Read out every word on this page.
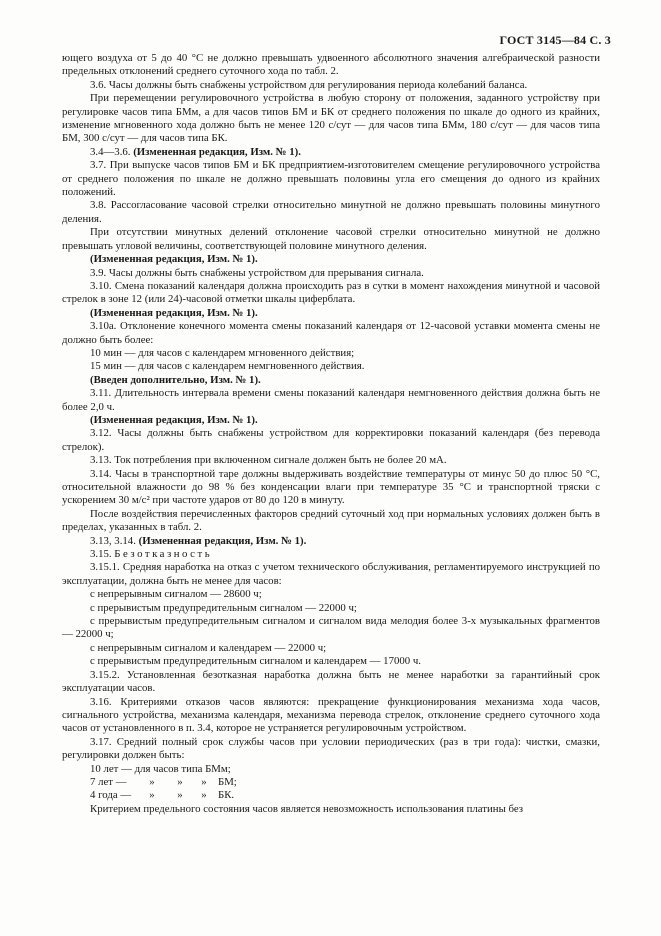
ГОСТ 3145—84 С. 3

ющего воздуха от 5 до 40 °С не должно превышать удвоенного абсолютного значения алгебраической разности предельных отклонений среднего суточного хода по табл. 2.

3.6. Часы должны быть снабжены устройством для регулирования периода колебаний баланса.

При перемещении регулировочного устройства в любую сторону от положения, заданного устройству при регулировке часов типа БМм, а для часов типов БМ и БК от среднего положения по шкале до одного из крайних, изменение мгновенного хода должно быть не менее 120 с/сут — для часов типа БМм, 180 с/сут — для часов типа БМ, 300 с/сут — для часов типа БК.

3.4—3.6. (Измененная редакция, Изм. № 1).

3.7. При выпуске часов типов БМ и БК предприятием-изготовителем смещение регулировочного устройства от среднего положения по шкале не должно превышать половины угла его смещения до одного из крайних положений.

3.8. Рассогласование часовой стрелки относительно минутной не должно превышать половины минутного деления.

При отсутствии минутных делений отклонение часовой стрелки относительно минутной не должно превышать угловой величины, соответствующей половине минутного деления.

(Измененная редакция, Изм. № 1).

3.9. Часы должны быть снабжены устройством для прерывания сигнала.

3.10. Смена показаний календаря должна происходить раз в сутки в момент нахождения минутной и часовой стрелок в зоне 12 (или 24)-часовой отметки шкалы циферблата.

(Измененная редакция, Изм. № 1).

3.10а. Отклонение конечного момента смены показаний календаря от 12-часовой уставки момента смены не должно быть более:

10 мин — для часов с календарем мгновенного действия;

15 мин — для часов с календарем немгновенного действия.

(Введен дополнительно, Изм. № 1).

3.11. Длительность интервала времени смены показаний календаря немгновенного действия должна быть не более 2,0 ч.

(Измененная редакция, Изм. № 1).

3.12. Часы должны быть снабжены устройством для корректировки показаний календаря (без перевода стрелок).

3.13. Ток потребления при включенном сигнале должен быть не более 20 мА.

3.14. Часы в транспортной таре должны выдерживать воздействие температуры от минус 50 до плюс 50 °С, относительной влажности до 98 % без конденсации влаги при температуре 35 °С и транспортной тряски с ускорением 30 м/с² при частоте ударов от 80 до 120 в минуту.

После воздействия перечисленных факторов средний суточный ход при нормальных условиях должен быть в пределах, указанных в табл. 2.

3.13, 3.14. (Измененная редакция, Изм. № 1).

3.15. Безотказность

3.15.1. Средняя наработка на отказ с учетом технического обслуживания, регламентируемого инструкцией по эксплуатации, должна быть не менее для часов:

с непрерывным сигналом — 28600 ч;

с прерывистым предупредительным сигналом — 22000 ч;

с прерывистым предупредительным сигналом и сигналом вида мелодия более 3-х музыкальных фрагментов — 22000 ч;

с непрерывным сигналом и календарем — 22000 ч;

с прерывистым предупредительным сигналом и календарем — 17000 ч.

3.15.2. Установленная безотказная наработка должна быть не менее наработки за гарантийный срок эксплуатации часов.

3.16. Критериями отказов часов являются: прекращение функционирования механизма хода часов, сигнального устройства, механизма календаря, механизма перевода стрелок, отклонение среднего суточного хода часов от установленного в п. 3.4, которое не устраняется регулировочным устройством.

3.17. Средний полный срок службы часов при условии периодических (раз в три года): чистки, смазки, регулировки должен быть:

10 лет — для часов типа БМм;

7 лет —	»	»	»	БМ;
4 года —	»	»	»	БК.

Критерием предельного состояния часов является невозможность использования платины без
